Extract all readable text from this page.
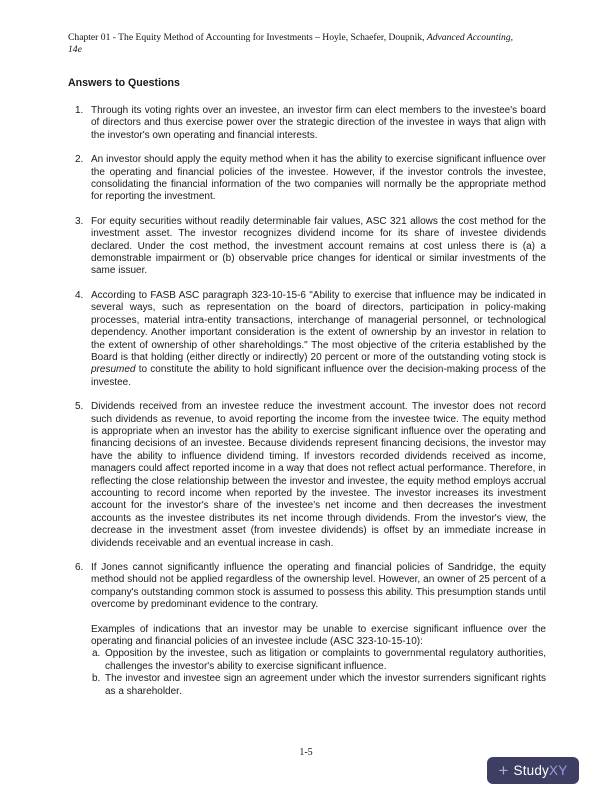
Chapter 01 - The Equity Method of Accounting for Investments – Hoyle, Schaefer, Doupnik, Advanced Accounting,
14e
Answers to Questions
1. Through its voting rights over an investee, an investor firm can elect members to the investee's board of directors and thus exercise power over the strategic direction of the investee in ways that align with the investor's own operating and financial interests.
2. An investor should apply the equity method when it has the ability to exercise significant influence over the operating and financial policies of the investee. However, if the investor controls the investee, consolidating the financial information of the two companies will normally be the appropriate method for reporting the investment.
3. For equity securities without readily determinable fair values, ASC 321 allows the cost method for the investment asset. The investor recognizes dividend income for its share of investee dividends declared. Under the cost method, the investment account remains at cost unless there is (a) a demonstrable impairment or (b) observable price changes for identical or similar investments of the same issuer.
4. According to FASB ASC paragraph 323-10-15-6 "Ability to exercise that influence may be indicated in several ways, such as representation on the board of directors, participation in policy-making processes, material intra-entity transactions, interchange of managerial personnel, or technological dependency. Another important consideration is the extent of ownership by an investor in relation to the extent of ownership of other shareholdings." The most objective of the criteria established by the Board is that holding (either directly or indirectly) 20 percent or more of the outstanding voting stock is presumed to constitute the ability to hold significant influence over the decision-making process of the investee.
5. Dividends received from an investee reduce the investment account. The investor does not record such dividends as revenue, to avoid reporting the income from the investee twice. The equity method is appropriate when an investor has the ability to exercise significant influence over the operating and financing decisions of an investee. Because dividends represent financing decisions, the investor may have the ability to influence dividend timing. If investors recorded dividends received as income, managers could affect reported income in a way that does not reflect actual performance. Therefore, in reflecting the close relationship between the investor and investee, the equity method employs accrual accounting to record income when reported by the investee. The investor increases its investment account for the investor's share of the investee's net income and then decreases the investment accounts as the investee distributes its net income through dividends. From the investor's view, the decrease in the investment asset (from investee dividends) is offset by an immediate increase in dividends receivable and an eventual increase in cash.
6. If Jones cannot significantly influence the operating and financial policies of Sandridge, the equity method should not be applied regardless of the ownership level. However, an owner of 25 percent of a company's outstanding common stock is assumed to possess this ability. This presumption stands until overcome by predominant evidence to the contrary.
Examples of indications that an investor may be unable to exercise significant influence over the operating and financial policies of an investee include (ASC 323-10-15-10):
a. Opposition by the investee, such as litigation or complaints to governmental regulatory authorities, challenges the investor's ability to exercise significant influence.
b. The investor and investee sign an agreement under which the investor surrenders significant rights as a shareholder.
1-5
+ StudyXY
